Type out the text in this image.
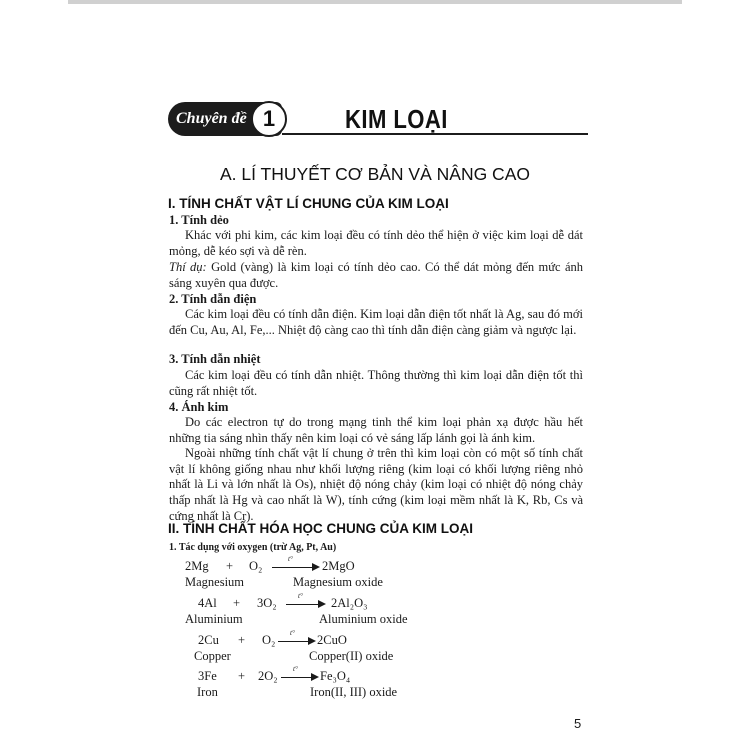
Chuyên đề 1	KIM LOẠI
A. LÍ THUYẾT CƠ BẢN VÀ NÂNG CAO
I. TÍNH CHẤT VẬT LÍ CHUNG CỦA KIM LOẠI
1. Tính dẻo
Khác với phi kim, các kim loại đều có tính dẻo thể hiện ở việc kim loại dễ dát mỏng, dễ kéo sợi và dễ rèn.
Thí dụ: Gold (vàng) là kim loại có tính dẻo cao. Có thể dát mỏng đến mức ánh sáng xuyên qua được.
2. Tính dẫn điện
Các kim loại đều có tính dẫn điện. Kim loại dẫn điện tốt nhất là Ag, sau đó mới đến Cu, Au, Al, Fe,... Nhiệt độ càng cao thì tính dẫn điện càng giảm và ngược lại.
3. Tính dẫn nhiệt
Các kim loại đều có tính dẫn nhiệt. Thông thường thì kim loại dẫn điện tốt thì cũng rất nhiệt tốt.
4. Ánh kim
Do các electron tự do trong mạng tinh thể kim loại phản xạ được hầu hết những tia sáng nhìn thấy nên kim loại có vẻ sáng lấp lánh gọi là ánh kim.
Ngoài những tính chất vật lí chung ở trên thì kim loại còn có một số tính chất vật lí không giống nhau như khối lượng riêng (kim loại có khối lượng riêng nhỏ nhất là Li và lớn nhất là Os), nhiệt độ nóng chảy (kim loại có nhiệt độ nóng chảy thấp nhất là Hg và cao nhất là W), tính cứng (kim loại mềm nhất là K, Rb, Cs và cứng nhất là Cr).
II. TÍNH CHẤT HÓA HỌC CHUNG CỦA KIM LOẠI
1. Tác dụng với oxygen (trừ Ag, Pt, Au)
2Mg + O₂	t° 2MgO
Magnesium	Magnesium oxide
4Al + 3O₂	t° 2Al₂O₃
Aluminium	Aluminium oxide
2Cu + O₂ t° 2CuO
Copper	Copper(II) oxide
3Fe + 2O₂ t° Fe₃O₄
Iron	Iron(II, III) oxide
5
